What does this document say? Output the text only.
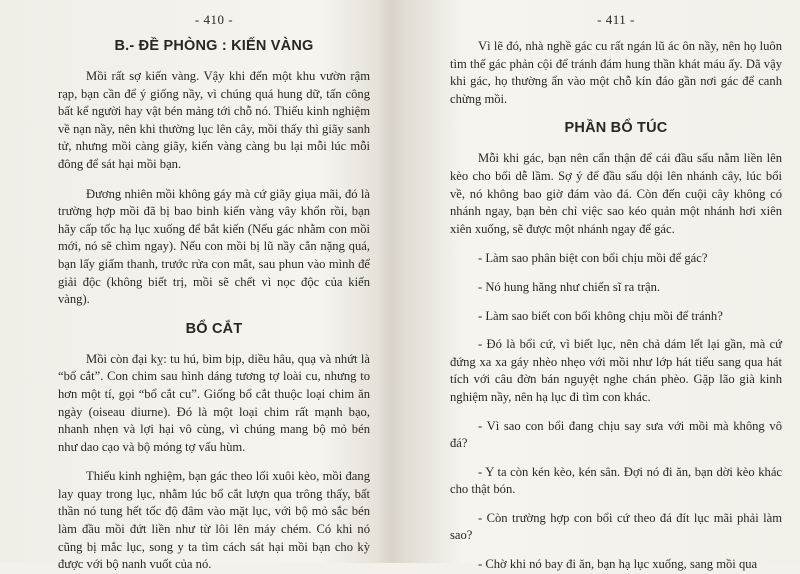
- 410 -
B.- ĐỀ PHÒNG : KIẾN VÀNG

Mồi rất sợ kiến vàng. Vậy khi đến một khu vườn rậm rạp, bạn cần để ý giống nầy, vì chúng quá hung dữ, tấn công bất kể người hay vật bén mảng tới chỗ nó. Thiếu kinh nghiệm về nạn nầy, nên khi thường lục lên cây, mồi thấy thì giãy sanh tử, nhưng mồi càng giãy, kiến vàng càng bu lại mỗi lúc mỗi đông để sát hại mồi bạn.

Đương nhiên mồi không gáy mà cứ giãy giụa mãi, đó là trường hợp mồi đã bị bao binh kiến vàng vây khổn rồi, bạn hãy cấp tốc hạ lục xuống để bắt kiến (Nếu gác nhằm con mồi mới, nó sẽ chìm ngay). Nếu con mồi bị lũ nầy cắn nặng quá, bạn lấy giấm thanh, trước rửa con mắt, sau phun vào mình để giải độc (không biết trị, mồi sẽ chết vì nọc độc của kiến vàng).

BỔ CẮT

Mồi còn đại kỵ: tu hú, bìm bịp, diều hâu, quạ và nhứt là “bổ cắt”. Con chim sau hình dáng tương tợ loài cu, nhưng to hơn một tí, gọi “bổ cắt cu”. Giống bổ cắt thuộc loại chim ăn ngày (oiseau diurne). Đó là một loại chim rất mạnh bạo, nhanh nhẹn và lợi hại vô cùng, vì chúng mang bộ mỏ bén như dao cạo và bộ móng tợ vấu hùm.

Thiếu kinh nghiệm, bạn gác theo lối xuôi kèo, mồi đang lay quay trong lục, nhằm lúc bổ cắt lượn qua trông thấy, bất thần nó tung hết tốc độ đâm vào mặt lục, với bộ mỏ sắc bén làm đầu mồi đứt liền như từ lôi lên máy chém. Có khi nó cũng bị mắc lục, song y ta tìm cách sát hại mồi bạn cho kỳ được với bộ nanh vuốt của nó.

- 411 -

Vì lẽ đó, nhà nghề gác cu rất ngán lũ ác ôn nầy, nên họ luôn tìm thế gác phản cội để tránh đám hung thần khát máu ấy. Dã vậy khi gác, họ thường ẩn vào một chỗ kín đáo gần nơi gác để canh chừng mồi.

PHẦN BỔ TÚC

Mỗi khi gác, bạn nên cẩn thận để cái đầu sấu nằm liền lên kèo cho bổi dễ lầm. Sợ ý để đầu sấu dội lên nhánh cây, lúc bổi về, nó không bao giờ đám vào đá. Còn đến cuội cây không có nhánh ngay, bạn bẻn chỉ việc sao kéo quản một nhánh hơi xiên xiên xuống, sẽ được một nhánh ngay để gác.

- Làm sao phân biệt con bổi chịu mồi để gác?

- Nó hung hăng như chiến sĩ ra trận.

- Làm sao biết con bổi không chịu mồi để tránh?

- Đó là bổi cứ, vì biết lục, nên chả dám lết lại gần, mà cứ đứng xa xa gáy nhèo nhẹo với mồi như lớp hát tiểu sang qua hát tích với câu đờn bán nguyệt nghe chán phèo. Gặp lão già kinh nghiệm nầy, nên hạ lục đi tìm con khác.

- Vì sao con bổi đang chịu say sưa với mồi mà không vô đá?

- Y ta còn kén kèo, kén sân. Đợi nó đi ăn, bạn dời kèo khác cho thật bón.

- Còn trường hợp con bổi cứ theo đá đít lục mãi phải làm sao?

- Chờ khi nó bay đi ăn, bạn hạ lục xuống, sang mồi qua
